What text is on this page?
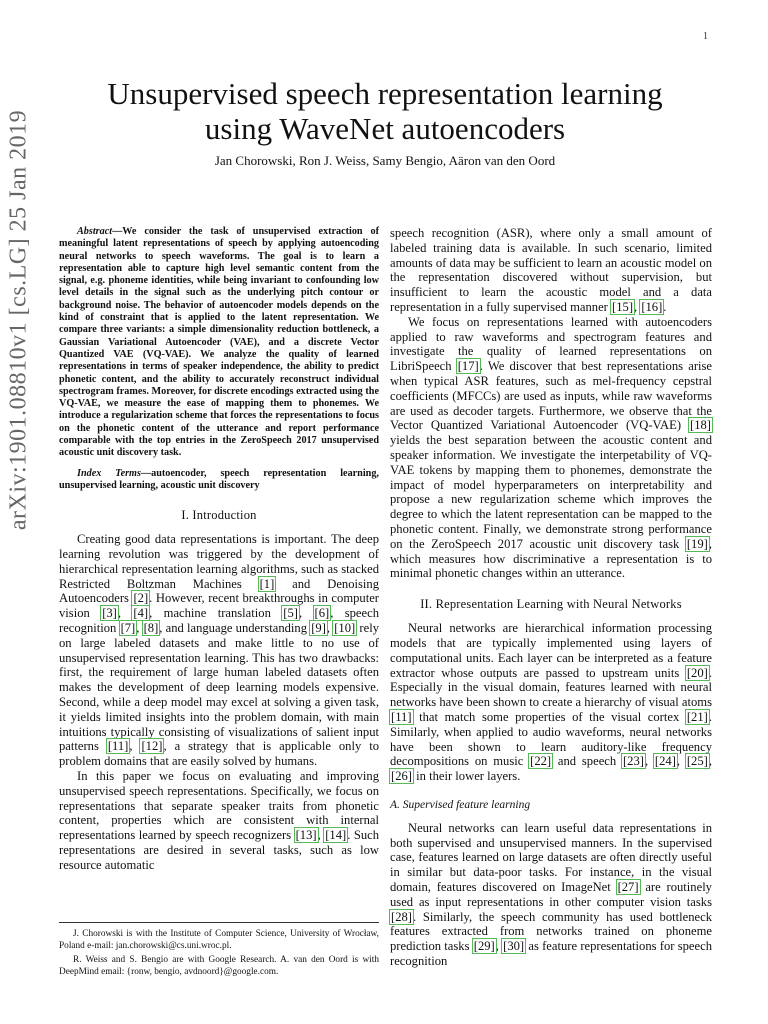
1
arXiv:1901.08810v1 [cs.LG] 25 Jan 2019
Unsupervised speech representation learning
using WaveNet autoencoders
Jan Chorowski, Ron J. Weiss, Samy Bengio, Aäron van den Oord

Abstract—We consider the task of unsupervised extraction of meaningful latent representations of speech by applying autoencoding neural networks to speech waveforms. The goal is to learn a representation able to capture high level semantic content from the signal, e.g. phoneme identities, while being invariant to confounding low level details in the signal such as the underlying pitch contour or background noise. The behavior of autoencoder models depends on the kind of constraint that is applied to the latent representation. We compare three variants: a simple dimensionality reduction bottleneck, a Gaussian Variational Autoencoder (VAE), and a discrete Vector Quantized VAE (VQ-VAE). We analyze the quality of learned representations in terms of speaker independence, the ability to predict phonetic content, and the ability to accurately reconstruct individual spectrogram frames. Moreover, for discrete encodings extracted using the VQ-VAE, we measure the ease of mapping them to phonemes. We introduce a regularization scheme that forces the representations to focus on the phonetic content of the utterance and report performance comparable with the top entries in the ZeroSpeech 2017 unsupervised acoustic unit discovery task.

Index Terms—autoencoder, speech representation learning, unsupervised learning, acoustic unit discovery

I. Introduction

Creating good data representations is important. The deep learning revolution was triggered by the development of hierarchical representation learning algorithms, such as stacked Restricted Boltzman Machines [1] and Denoising Autoencoders [2]. However, recent breakthroughs in computer vision [3], [4], machine translation [5], [6], speech recognition [7], [8], and language understanding [9], [10] rely on large labeled datasets and make little to no use of unsupervised representation learning. This has two drawbacks: first, the requirement of large human labeled datasets often makes the development of deep learning models expensive. Second, while a deep model may excel at solving a given task, it yields limited insights into the problem domain, with main intuitions typically consisting of visualizations of salient input patterns [11], [12], a strategy that is applicable only to problem domains that are easily solved by humans.

In this paper we focus on evaluating and improving unsupervised speech representations. Specifically, we focus on representations that separate speaker traits from phonetic content, properties which are consistent with internal representations learned by speech recognizers [13], [14]. Such representations are desired in several tasks, such as low resource automatic

speech recognition (ASR), where only a small amount of labeled training data is available. In such scenario, limited amounts of data may be sufficient to learn an acoustic model on the representation discovered without supervision, but insufficient to learn the acoustic model and a data representation in a fully supervised manner [15], [16].

We focus on representations learned with autoencoders applied to raw waveforms and spectrogram features and investigate the quality of learned representations on LibriSpeech [17]. We discover that best representations arise when typical ASR features, such as mel-frequency cepstral coefficients (MFCCs) are used as inputs, while raw waveforms are used as decoder targets. Furthermore, we observe that the Vector Quantized Variational Autoencoder (VQ-VAE) [18] yields the best separation between the acoustic content and speaker information. We investigate the interpetability of VQ-VAE tokens by mapping them to phonemes, demonstrate the impact of model hyperparameters on interpretability and propose a new regularization scheme which improves the degree to which the latent representation can be mapped to the phonetic content. Finally, we demonstrate strong performance on the ZeroSpeech 2017 acoustic unit discovery task [19], which measures how discriminative a representation is to minimal phonetic changes within an utterance.

II. Representation Learning with Neural Networks

Neural networks are hierarchical information processing models that are typically implemented using layers of computational units. Each layer can be interpreted as a feature extractor whose outputs are passed to upstream units [20]. Especially in the visual domain, features learned with neural networks have been shown to create a hierarchy of visual atoms [11] that match some properties of the visual cortex [21]. Similarly, when applied to audio waveforms, neural networks have been shown to learn auditory-like frequency decompositions on music [22] and speech [23], [24], [25], [26] in their lower layers.

A. Supervised feature learning

Neural networks can learn useful data representations in both supervised and unsupervised manners. In the supervised case, features learned on large datasets are often directly useful in similar but data-poor tasks. For instance, in the visual domain, features discovered on ImageNet [27] are routinely used as input representations in other computer vision tasks [28]. Similarly, the speech community has used bottleneck features extracted from networks trained on phoneme prediction tasks [29], [30] as feature representations for speech recognition

J. Chorowski is with the Institute of Computer Science, University of Wrocław, Poland e-mail: jan.chorowski@cs.uni.wroc.pl.

R. Weiss and S. Bengio are with Google Research. A. van den Oord is with DeepMind email: {ronw, bengio, avdnoord}@google.com.
